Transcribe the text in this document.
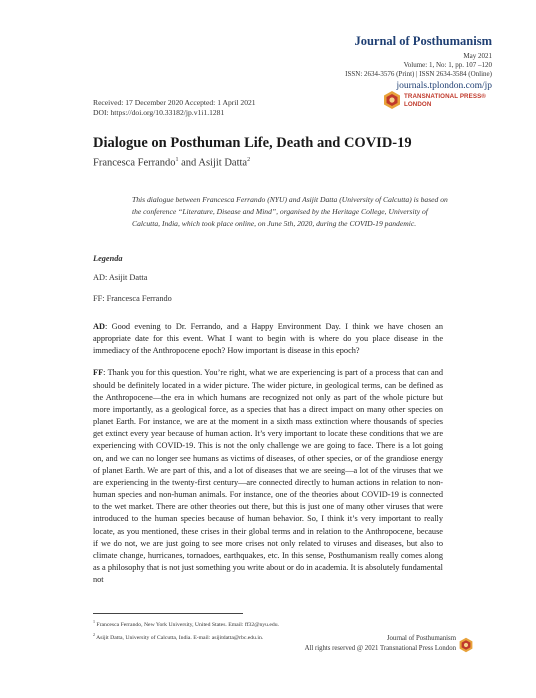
Journal of Posthumanism
May 2021
Volume: 1, No: 1, pp. 107 –120
ISSN: 2634-3576 (Print) | ISSN 2634-3584 (Online)
journals.tplondon.com/jp
TRANSNATIONAL PRESS®
LONDON
Received: 17 December 2020 Accepted: 1 April 2021
DOI: https://doi.org/10.33182/jp.v1i1.1281
Dialogue on Posthuman Life, Death and COVID-19
Francesca Ferrando$^1$ and Asijit Datta$^2$
This dialogue between Francesca Ferrando (NYU) and Asijit Datta (University of Calcutta) is based on the conference “Literature, Disease and Mind”, organised by the Heritage College, University of Calcutta, India, which took place online, on June 5th, 2020, during the COVID-19 pandemic.
Legenda
AD: Asijit Datta
FF: Francesca Ferrando

AD: Good evening to Dr. Ferrando, and a Happy Environment Day. I think we have chosen an appropriate date for this event. What I want to begin with is where do you place disease in the immediacy of the Anthropocene epoch? How important is disease in this epoch?

FF: Thank you for this question. You’re right, what we are experiencing is part of a process that can and should be definitely located in a wider picture. The wider picture, in geological terms, can be defined as the Anthropocene—the era in which humans are recognized not only as part of the whole picture but more importantly, as a geological force, as a species that has a direct impact on many other species on planet Earth. For instance, we are at the moment in a sixth mass extinction where thousands of species get extinct every year because of human action. It’s very important to locate these conditions that we are experiencing with COVID-19. This is not the only challenge we are going to face. There is a lot going on, and we can no longer see humans as victims of diseases, of other species, or of the grandiose energy of planet Earth. We are part of this, and a lot of diseases that we are seeing—a lot of the viruses that we are experiencing in the twenty-first century—are connected directly to human actions in relation to non-human species and non-human animals. For instance, one of the theories about COVID-19 is connected to the wet market. There are other theories out there, but this is just one of many other viruses that were introduced to the human species because of human behavior. So, I think it’s very important to really locate, as you mentioned, these crises in their global terms and in relation to the Anthropocene, because if we do not, we are just going to see more crises not only related to viruses and diseases, but also to climate change, hurricanes, tornadoes, earthquakes, etc. In this sense, Posthumanism really comes along as a philosophy that is not just something you write about or do in academia. It is absolutely fundamental not

$^1$ Francesca Ferrando, New York University, United States. Email: ff32@nyu.edu.
$^2$ Asijit Datta, University of Calcutta, India. E-mail: asijitdatta@rbc.edu.in.	Journal of Posthumanism
All rights reserved @ 2021 Transnational Press London
